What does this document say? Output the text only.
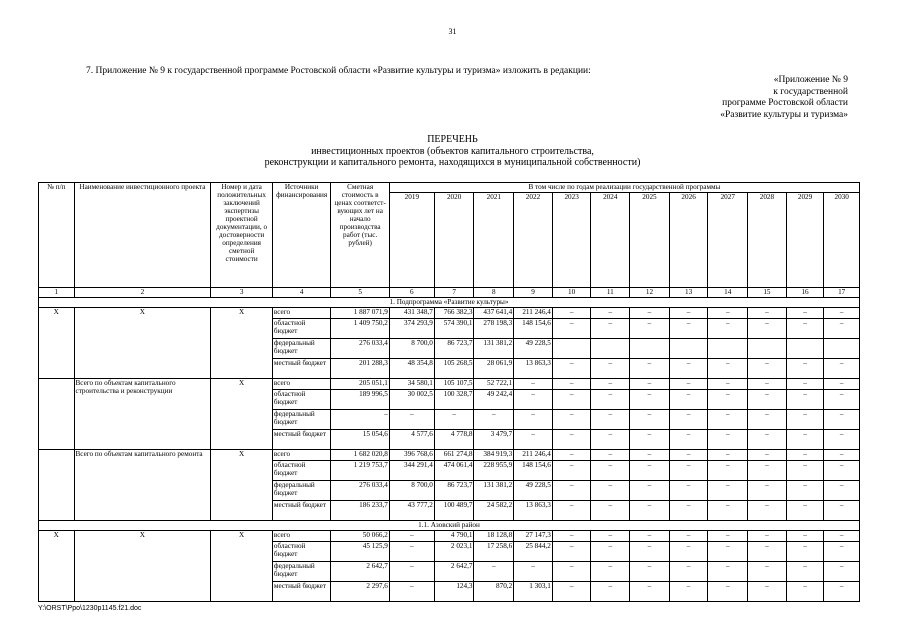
31
7. Приложение № 9 к государственной программе Ростовской области «Развитие культуры и туризма» изложить в редакции:
«Приложение № 9
к государственной
программе Ростовской области
«Развитие культуры и туризма»
ПЕРЕЧЕНЬ
инвестиционных проектов (объектов капитального строительства,
реконструкции и капитального ремонта, находящихся в муниципальной собственности)
№ п/п	Наименование инвестиционного проекта	Номер и дата положительных заключений экспертизы проектной документации, о достоверности определения сметной стоимости	Источники финансирования	Сметная стоимость в ценах соответст-вующих лет на начало производства работ (тыс. рублей)	В том числе по годам реализации государственной программы											
					2019	2020	2021	2022	2023	2024	2025	2026	2027	2028	2029	2030
1	2	3	4	5	6	7	8	9	10	11	12	13	14	15	16	17
1. Подпрограмма «Развитие культуры»																
Х	Х	Х	всего	1 887 071,9	431 348,7	766 382,3	437 641,4	211 246,4	–	–	–	–	–	–	–	–
			областной бюджет	1 409 750,2	374 293,9	574 390,1	278 198,3	148 154,6	–	–	–	–	–	–	–	–
			федеральный бюджет	276 033,4	8 700,0	86 723,7	131 381,2	49 228,5								
			местный бюджет	201 288,3	48 354,8	105 268,5	28 061,9	13 863,3	–	–	–	–	–	–	–	–
	Всего по объектам капитального строительства и реконструкции	Х	всего	205 051,1	34 580,1	105 107,5	52 722,1	–	–	–	–	–	–	–	–	–
			областной бюджет	189 996,5	30 002,5	100 328,7	49 242,4	–	–	–	–	–	–	–	–	–
			федеральный бюджет	–	–	–	–	–	–	–	–	–	–	–	–	–
			местный бюджет	15 054,6	4 577,6	4 778,8	3 479,7	–	–	–	–	–	–	–	–	–
	Всего по объектам капитального ремонта	Х	всего	1 682 020,8	396 768,6	661 274,8	384 919,3	211 246,4	–	–	–	–	–	–	–	–
			областной бюджет	1 219 753,7	344 291,4	474 061,4	228 955,9	148 154,6	–	–	–	–	–	–	–	–
			федеральный бюджет	276 033,4	8 700,0	86 723,7	131 381,2	49 228,5	–	–	–	–	–	–	–	–
			местный бюджет	186 233,7	43 777,2	100 489,7	24 582,2	13 863,3	–	–	–	–	–	–	–	–
1.1. Азовский район																
Х	Х	Х	всего	50 066,2	–	4 790,1	18 128,8	27 147,3	–	–	–	–	–	–	–	–
			областной бюджет	45 125,9	–	2 023,1	17 258,6	25 844,2	–	–	–	–	–	–	–	–
			федеральный бюджет	2 642,7	–	2 642,7	–	–	–	–	–	–	–	–	–	–
			местный бюджет	2 297,6	–	124,3	870,2	1 303,1	–	–	–	–	–	–	–	–
Y:\ORST\Ppo\1230p1145.f21.doc
